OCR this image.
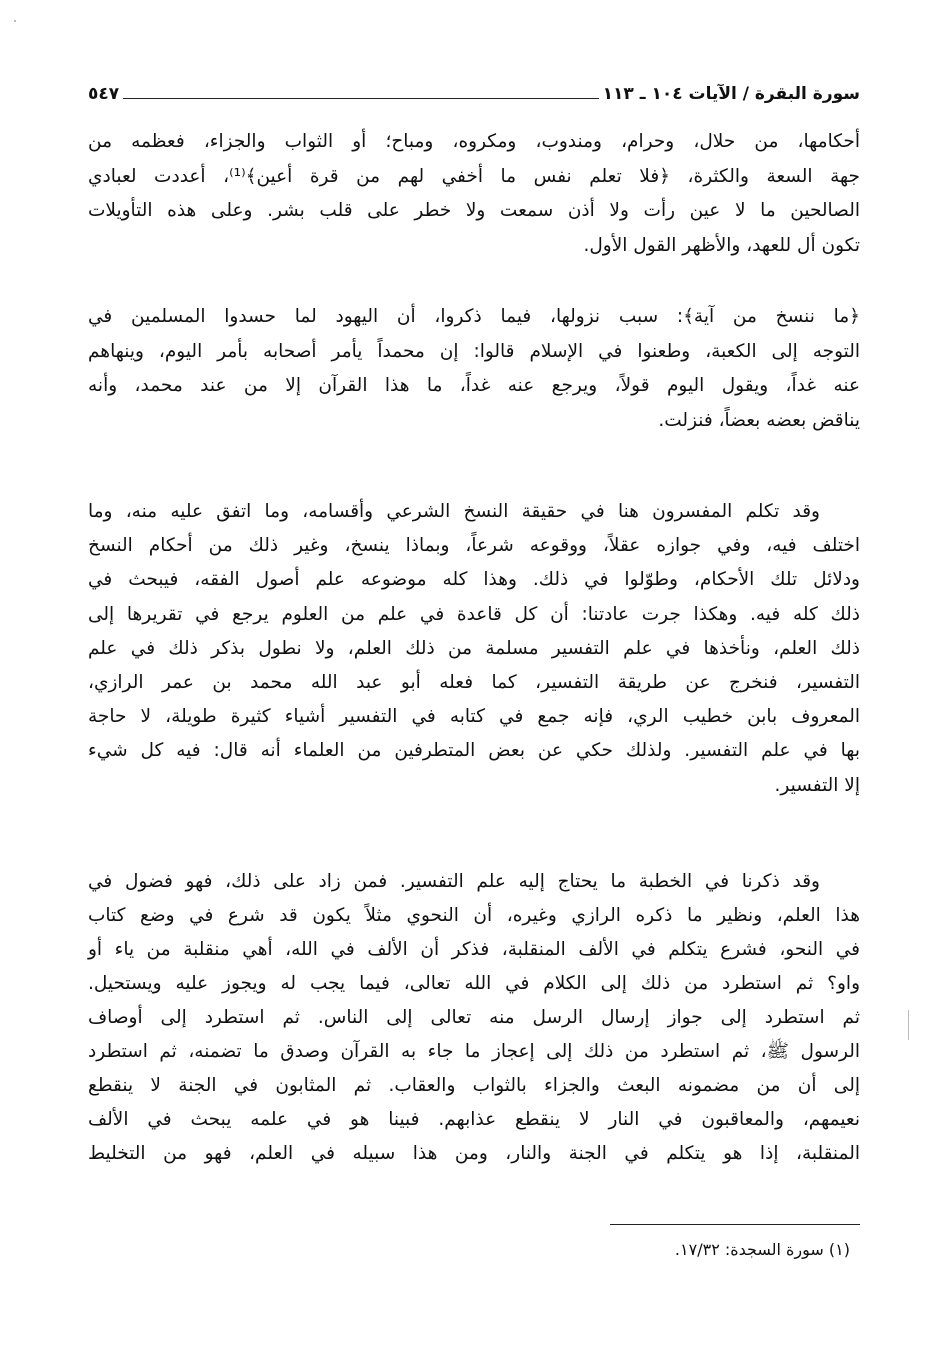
سورة البقرة / الآيات ١٠٤ ـ ١١٣
٥٤٧
أحكامها، من حلال، وحرام، ومندوب، ومكروه، ومباح؛ أو الثواب والجزاء، فعظمه من
جهة السعة والكثرة، ﴿فلا تعلم نفس ما أخفي لهم من قرة أعين﴾⁽¹⁾، أعددت لعبادي
الصالحين ما لا عين رأت ولا أذن سمعت ولا خطر على قلب بشر. وعلى هذه التأويلات
تكون أل للعهد، والأظهر القول الأول.
﴿ما ننسخ من آية﴾: سبب نزولها، فيما ذكروا، أن اليهود لما حسدوا المسلمين في
التوجه إلى الكعبة، وطعنوا في الإسلام قالوا: إن محمداً يأمر أصحابه بأمر اليوم، وينهاهم
عنه غداً، ويقول اليوم قولاً، ويرجع عنه غداً، ما هذا القرآن إلا من عند محمد، وأنه
يناقض بعضه بعضاً، فنزلت.
وقد تكلم المفسرون هنا في حقيقة النسخ الشرعي وأقسامه، وما اتفق عليه منه، وما
اختلف فيه، وفي جوازه عقلاً، ووقوعه شرعاً، وبماذا ينسخ، وغير ذلك من أحكام النسخ
ودلائل تلك الأحكام، وطوّلوا في ذلك. وهذا كله موضوعه علم أصول الفقه، فيبحث في
ذلك كله فيه. وهكذا جرت عادتنا: أن كل قاعدة في علم من العلوم يرجع في تقريرها إلى
ذلك العلم، ونأخذها في علم التفسير مسلمة من ذلك العلم، ولا نطول بذكر ذلك في علم
التفسير، فنخرج عن طريقة التفسير، كما فعله أبو عبد الله محمد بن عمر الرازي،
المعروف بابن خطيب الري، فإنه جمع في كتابه في التفسير أشياء كثيرة طويلة، لا حاجة
بها في علم التفسير. ولذلك حكي عن بعض المتطرفين من العلماء أنه قال: فيه كل شيء
إلا التفسير.
وقد ذكرنا في الخطبة ما يحتاج إليه علم التفسير. فمن زاد على ذلك، فهو فضول في
هذا العلم، ونظير ما ذكره الرازي وغيره، أن النحوي مثلاً يكون قد شرع في وضع كتاب
في النحو، فشرع يتكلم في الألف المنقلبة، فذكر أن الألف في الله، أهي منقلبة من ياء أو
واو؟ ثم استطرد من ذلك إلى الكلام في الله تعالى، فيما يجب له ويجوز عليه ويستحيل.
ثم استطرد إلى جواز إرسال الرسل منه تعالى إلى الناس. ثم استطرد إلى أوصاف
الرسول ﷺ، ثم استطرد من ذلك إلى إعجاز ما جاء به القرآن وصدق ما تضمنه، ثم استطرد
إلى أن من مضمونه البعث والجزاء بالثواب والعقاب. ثم المثابون في الجنة لا ينقطع
نعيمهم، والمعاقبون في النار لا ينقطع عذابهم. فبينا هو في علمه يبحث في الألف
المنقلبة، إذا هو يتكلم في الجنة والنار، ومن هذا سبيله في العلم، فهو من التخليط
(١) سورة السجدة: ١٧/٣٢.
